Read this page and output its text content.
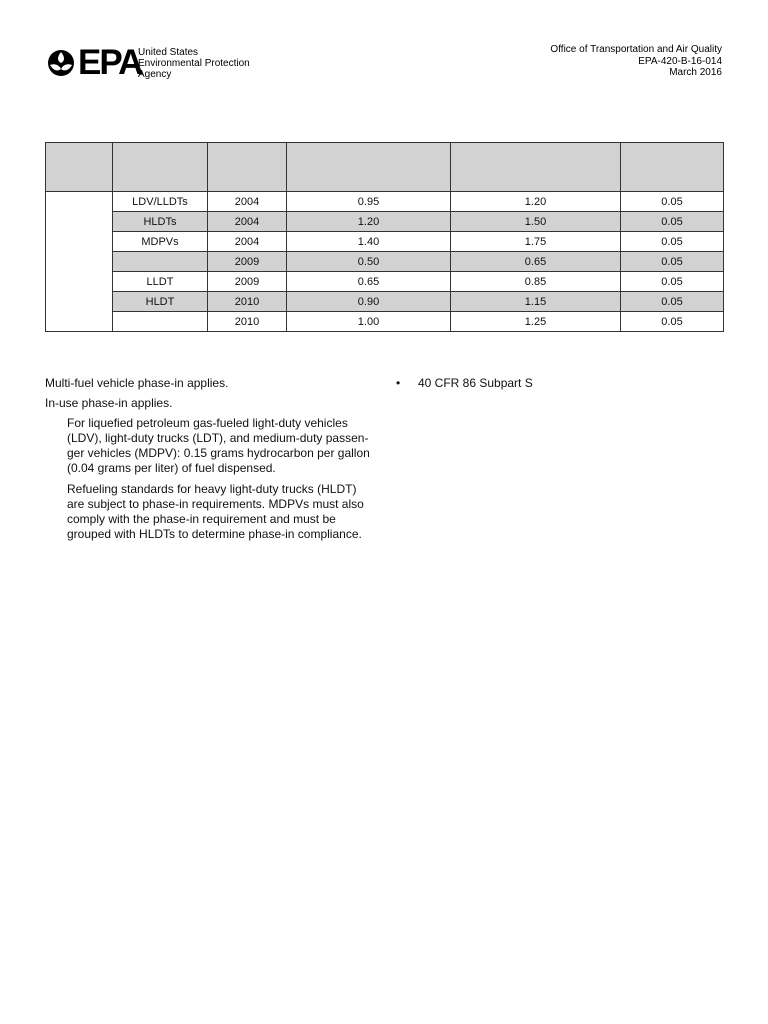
EPA
United States
Environmental Protection
Agency
Office of Transportation and Air Quality
EPA-420-B-16-014
March 2016

	LDV/LLDTs	2004	0.95	1.20	0.05
	HLDTs	2004	1.20	1.50	0.05
	MDPVs	2004	1.40	1.75	0.05
		2009	0.50	0.65	0.05
	LLDT	2009	0.65	0.85	0.05
	HLDT	2010	0.90	1.15	0.05
		2010	1.00	1.25	0.05

Multi-fuel vehicle phase-in applies.

In-use phase-in applies.

For liquefied petroleum gas-fueled light-duty vehicles (LDV), light-duty trucks (LDT), and medium-duty passen-ger vehicles (MDPV): 0.15 grams hydrocarbon per gallon (0.04 grams per liter) of fuel dispensed.

Refueling standards for heavy light-duty trucks (HLDT) are subject to phase-in requirements. MDPVs must also comply with the phase-in requirement and must be grouped with HLDTs to determine phase-in compliance.

• 40 CFR 86 Subpart S
